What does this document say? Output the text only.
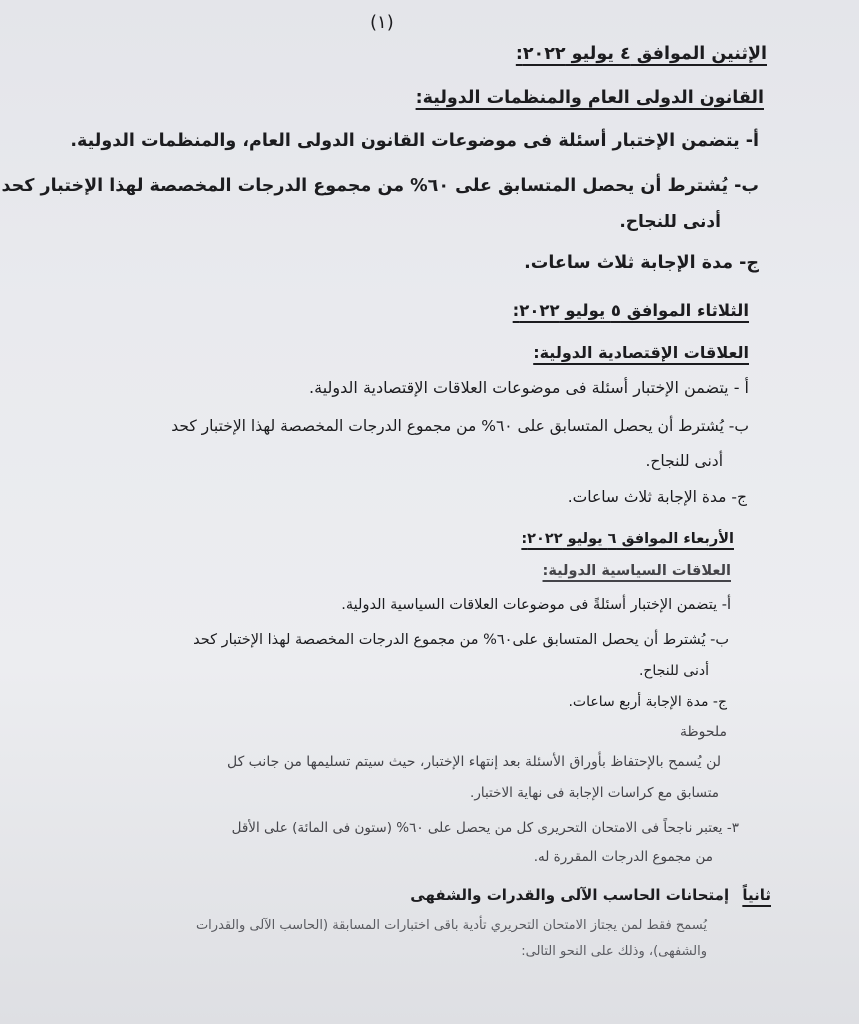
(١)
الإثنين الموافق ٤ يوليو ٢٠٢٢:
القانون الدولى العام والمنظمات الدولية:
أ- يتضمن الإختبار أسئلة فى موضوعات القانون الدولى العام، والمنظمات الدولية.
ب- يُشترط أن يحصل المتسابق على ٦٠% من مجموع الدرجات المخصصة لهذا الإختبار كحد
أدنى للنجاح.
ج- مدة الإجابة ثلاث ساعات.
الثلاثاء الموافق ٥ يوليو ٢٠٢٢:
العلاقات الإقتصادية الدولية:
أ - يتضمن الإختبار أسئلة فى موضوعات العلاقات الإقتصادية الدولية.
ب- يُشترط أن يحصل المتسابق على ٦٠% من مجموع الدرجات المخصصة لهذا الإختبار كحد
أدنى للنجاح.
ج- مدة الإجابة ثلاث ساعات.
الأربعاء الموافق ٦ يوليو ٢٠٢٢:
العلاقات السياسية الدولية:
أ- يتضمن الإختبار أسئلةً فى موضوعات العلاقات السياسية الدولية.
ب- يُشترط أن يحصل المتسابق على٦٠% من مجموع الدرجات المخصصة لهذا الإختبار كحد
أدنى للنجاح.
ج- مدة الإجابة أربع ساعات.
ملحوظة
لن يُسمح بالإحتفاظ بأوراق الأسئلة بعد إنتهاء الإختبار، حيث سيتم تسليمها من جانب كل
متسابق مع كراسات الإجابة فى نهاية الاختبار.
٣- يعتبر ناجحاً فى الامتحان التحريرى كل من يحصل على ٦٠% (ستون فى المائة) على الأقل
من مجموع الدرجات المقررة له.
ثانياً إمتحانات الحاسب الآلى والقدرات والشفهى
يُسمح فقط لمن يجتاز الامتحان التحريري تأدية باقى اختبارات المسابقة (الحاسب الآلى والقدرات
والشفهى)، وذلك على النحو التالى:
